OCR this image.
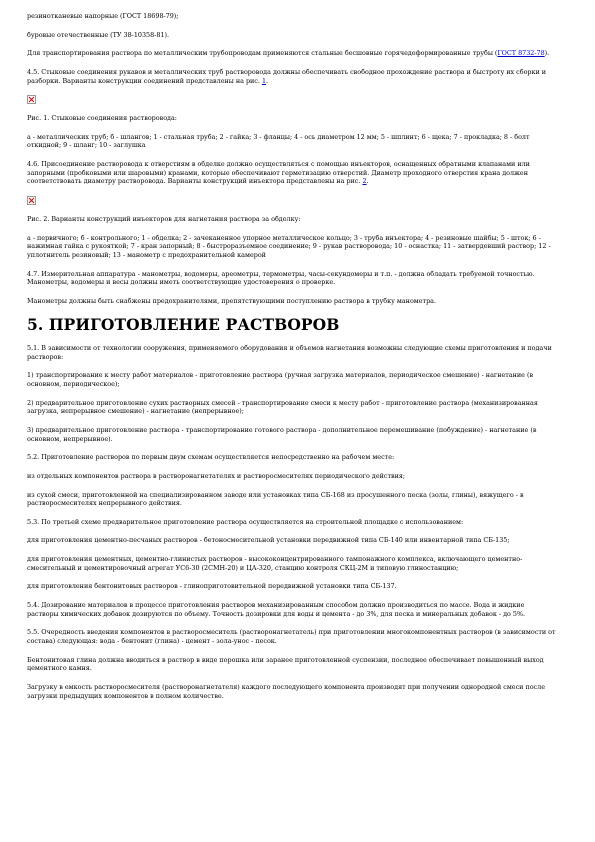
резинотканевые напорные (ГОСТ 18698-79);

буровые отечественные (ТУ 38-10358-81).

Для транспортирования раствора по металлическим трубопроводам применяются стальные бесшовные горячедеформированные трубы (ГОСТ 8732-78).

4.5. Стыковые соединения рукавов и металлических труб растворовода должны обеспечивать свободное прохождение раствора и быстроту их сборки и разборки. Варианты конструкции соединений представлены на рис. 1.

Рис. 1. Стыковые соединения растворовода:

а - металлических труб; б - шлангов; 1 - стальная труба; 2 - гайка; 3 - фланцы; 4 - ось диаметром 12 мм; 5 - шплинт; 6 - щека; 7 - прокладка; 8 - болт откидной; 9 - шланг; 10 - заглушка

4.6. Присоединение растворовода к отверстиям в обделке должно осуществляться с помощью инъекторов, оснащенных обратными клапанами или запорными (пробковыми или шаровыми) кранами, которые обеспечивают герметизацию отверстий. Диаметр проходного отверстия крана должен соответствовать диаметру растворовода. Варианты конструкций инъектора представлены на рис. 2.

Рис. 2. Варианты конструкций инъекторов для нагнетания раствора за обделку:

а - первичного; б - контрольного; 1 - обделка; 2 - зачеканенное упорное металлическое кольцо; 3 - труба инъектора; 4 - резиновые шайбы; 5 - шток; 6 - нажимная гайка с рукояткой; 7 - кран запорный; 8 - быстроразъемное соединение; 9 - рукав растворовода; 10 - оснастка; 11 - затвердевший раствор; 12 - уплотнитель резиновый; 13 - манометр с предохранительной камерой

4.7. Измерительная аппаратура - манометры, водомеры, ареометры, термометры, часы-секундомеры и т.п. - должна обладать требуемой точностью. Манометры, водомеры и весы должны иметь соответствующие удостоверения о проверке.

Манометры должны быть снабжены предохранителями, препятствующими поступлению раствора в трубку манометра.

5. ПРИГОТОВЛЕНИЕ РАСТВОРОВ

5.1. В зависимости от технологии сооружения, применяемого оборудования и объемов нагнетания возможны следующие схемы приготовления и подачи растворов:

1) транспортирование к месту работ материалов - приготовление раствора (ручная загрузка материалов, периодическое смешение) - нагнетание (в основном, периодическое);

2) предварительное приготовление сухих растворных смесей - транспортирование смеси к месту работ - приготовление раствора (механизированная загрузка, непрерывное смешение) - нагнетание (непрерывное);

3) предварительное приготовление раствора - транспортирование готового раствора - дополнительное перемешивание (побуждение) - нагнетание (в основном, непрерывное).

5.2. Приготовление растворов по первым двум схемам осуществляется непосредственно на рабочем месте:

из отдельных компонентов раствора в растворонагнетателях и растворосмесителях периодического действия;

из сухой смеси, приготовленной на специализированном заводе или установках типа СБ-168 из просушенного песка (золы, глины), вяжущего - в растворосмесителях непрерывного действия.

5.3. По третьей схеме предварительное приготовление раствора осуществляется на строительной площадке с использованием:

для приготовления цементно-песчаных растворов - бетоносмесительной установки передвижной типа СБ-140 или инвентарной типа СБ-135;

для приготовления цементных, цементно-глинистых растворов - высококонцентрированного тампонажного комплекса, включающего цементно-смесительный и цементировочный агрегат УС6-30 (2СМН-20) и ЦА-320, станцию контроля СКЦ-2М и типовую глиностанцию;

для приготовления бентонитовых растворов - глиноприготовительной передвижной установки типа СБ-137.

5.4. Дозирование материалов в процессе приготовления растворов механизированным способом должно производиться по массе. Вода и жидкие растворы химических добавок дозируются по объему. Точность дозировки для воды и цемента - до 3%, для песка и минеральных добавок - до 5%.

5.5. Очередность введения компонентов в растворосмеситель (растворонагнетатель) при приготовлении многокомпонентных растворов (в зависимости от состава) следующая: вода - бентонит (глина) - цемент - зола-унос - песок.

Бентонитовая глина должна вводиться в раствор в виде порошка или заранее приготовленной суспензии, последнее обеспечивает повышенный выход цементного камня.

Загрузку в емкость растворосмесителя (растворонагнетателя) каждого последующего компонента производят при получении однородной смеси после загрузки предыдущих компонентов в полном количестве.
